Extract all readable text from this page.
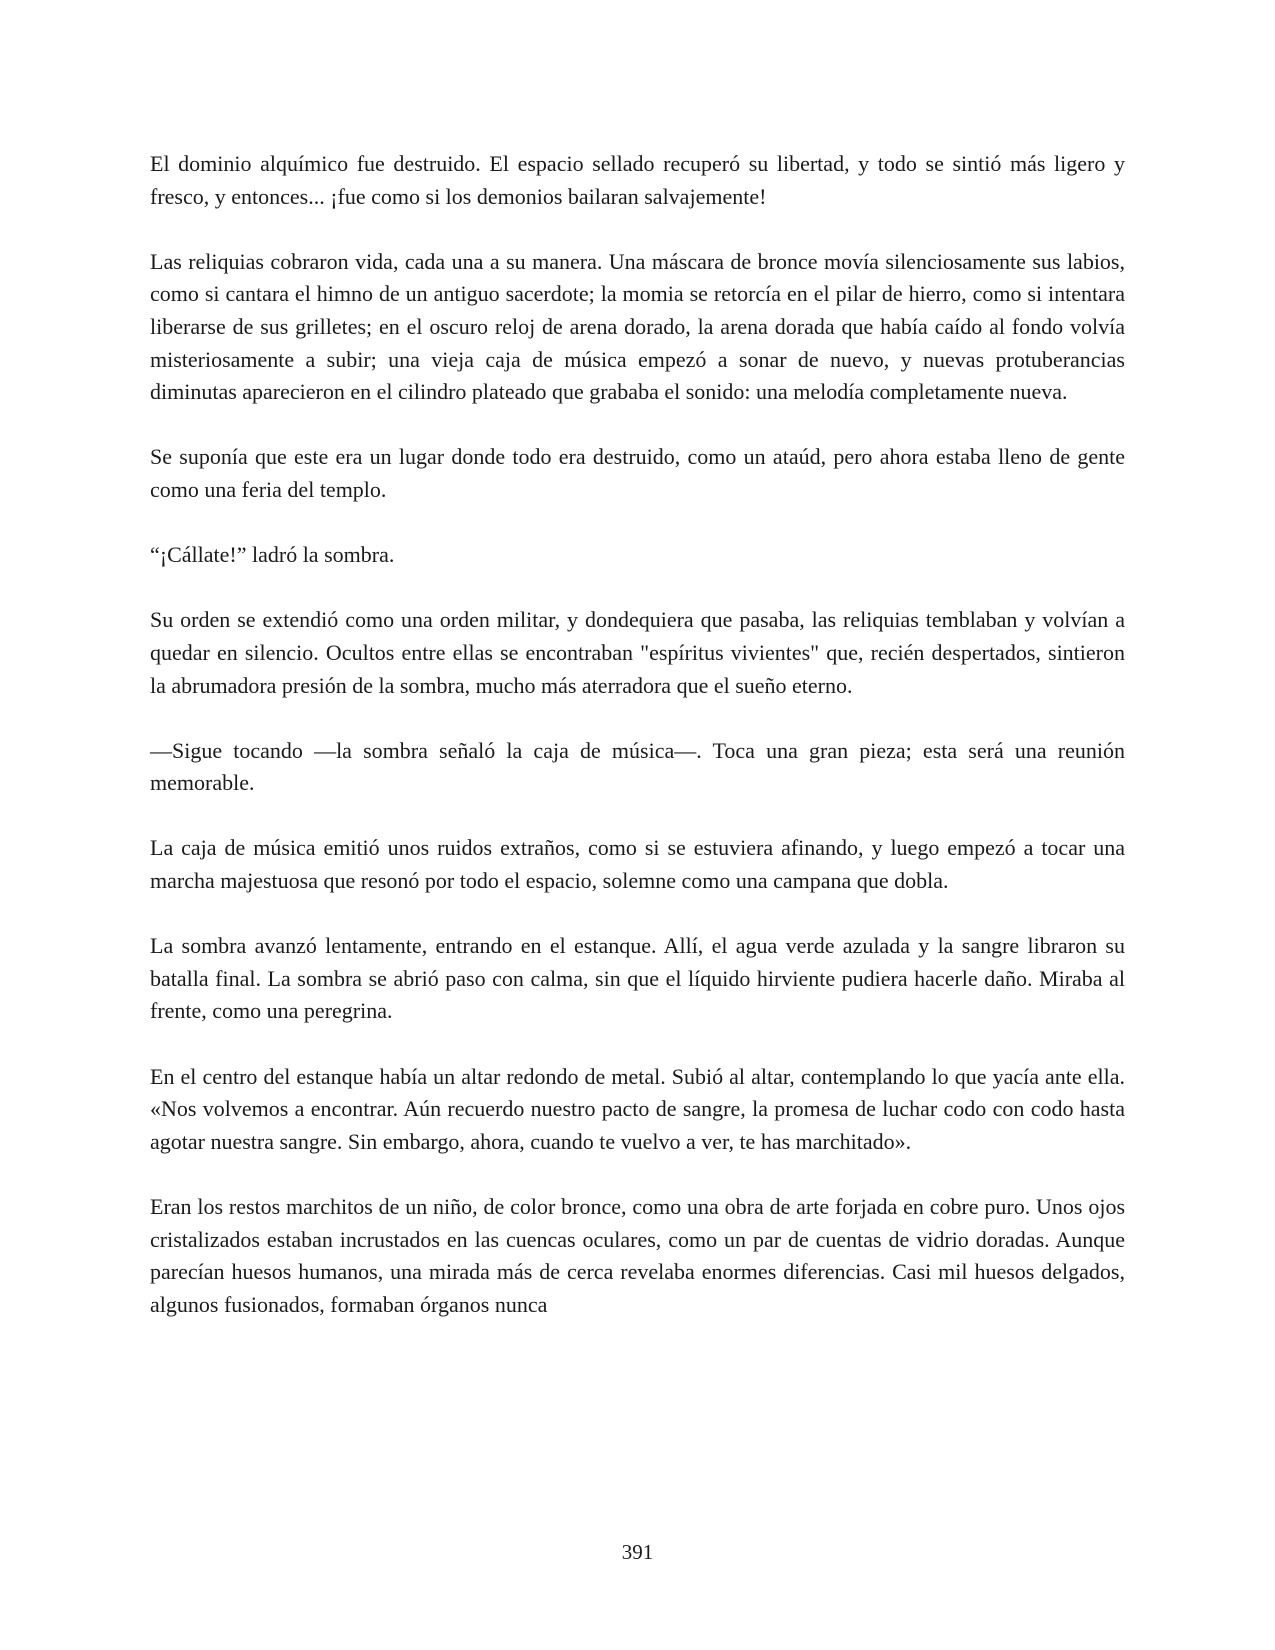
El dominio alquímico fue destruido. El espacio sellado recuperó su libertad, y todo se sintió más ligero y fresco, y entonces... ¡fue como si los demonios bailaran salvajemente!

Las reliquias cobraron vida, cada una a su manera. Una máscara de bronce movía silenciosamente sus labios, como si cantara el himno de un antiguo sacerdote; la momia se retorcía en el pilar de hierro, como si intentara liberarse de sus grilletes; en el oscuro reloj de arena dorado, la arena dorada que había caído al fondo volvía misteriosamente a subir; una vieja caja de música empezó a sonar de nuevo, y nuevas protuberancias diminutas aparecieron en el cilindro plateado que grababa el sonido: una melodía completamente nueva.

Se suponía que este era un lugar donde todo era destruido, como un ataúd, pero ahora estaba lleno de gente como una feria del templo.

“¡Cállate!” ladró la sombra.

Su orden se extendió como una orden militar, y dondequiera que pasaba, las reliquias temblaban y volvían a quedar en silencio. Ocultos entre ellas se encontraban "espíritus vivientes" que, recién despertados, sintieron la abrumadora presión de la sombra, mucho más aterradora que el sueño eterno.

—Sigue tocando —la sombra señaló la caja de música—. Toca una gran pieza; esta será una reunión memorable.

La caja de música emitió unos ruidos extraños, como si se estuviera afinando, y luego empezó a tocar una marcha majestuosa que resonó por todo el espacio, solemne como una campana que dobla.

La sombra avanzó lentamente, entrando en el estanque. Allí, el agua verde azulada y la sangre libraron su batalla final. La sombra se abrió paso con calma, sin que el líquido hirviente pudiera hacerle daño. Miraba al frente, como una peregrina.

En el centro del estanque había un altar redondo de metal. Subió al altar, contemplando lo que yacía ante ella. «Nos volvemos a encontrar. Aún recuerdo nuestro pacto de sangre, la promesa de luchar codo con codo hasta agotar nuestra sangre. Sin embargo, ahora, cuando te vuelvo a ver, te has marchitado».

Eran los restos marchitos de un niño, de color bronce, como una obra de arte forjada en cobre puro. Unos ojos cristalizados estaban incrustados en las cuencas oculares, como un par de cuentas de vidrio doradas. Aunque parecían huesos humanos, una mirada más de cerca revelaba enormes diferencias. Casi mil huesos delgados, algunos fusionados, formaban órganos nunca

391
